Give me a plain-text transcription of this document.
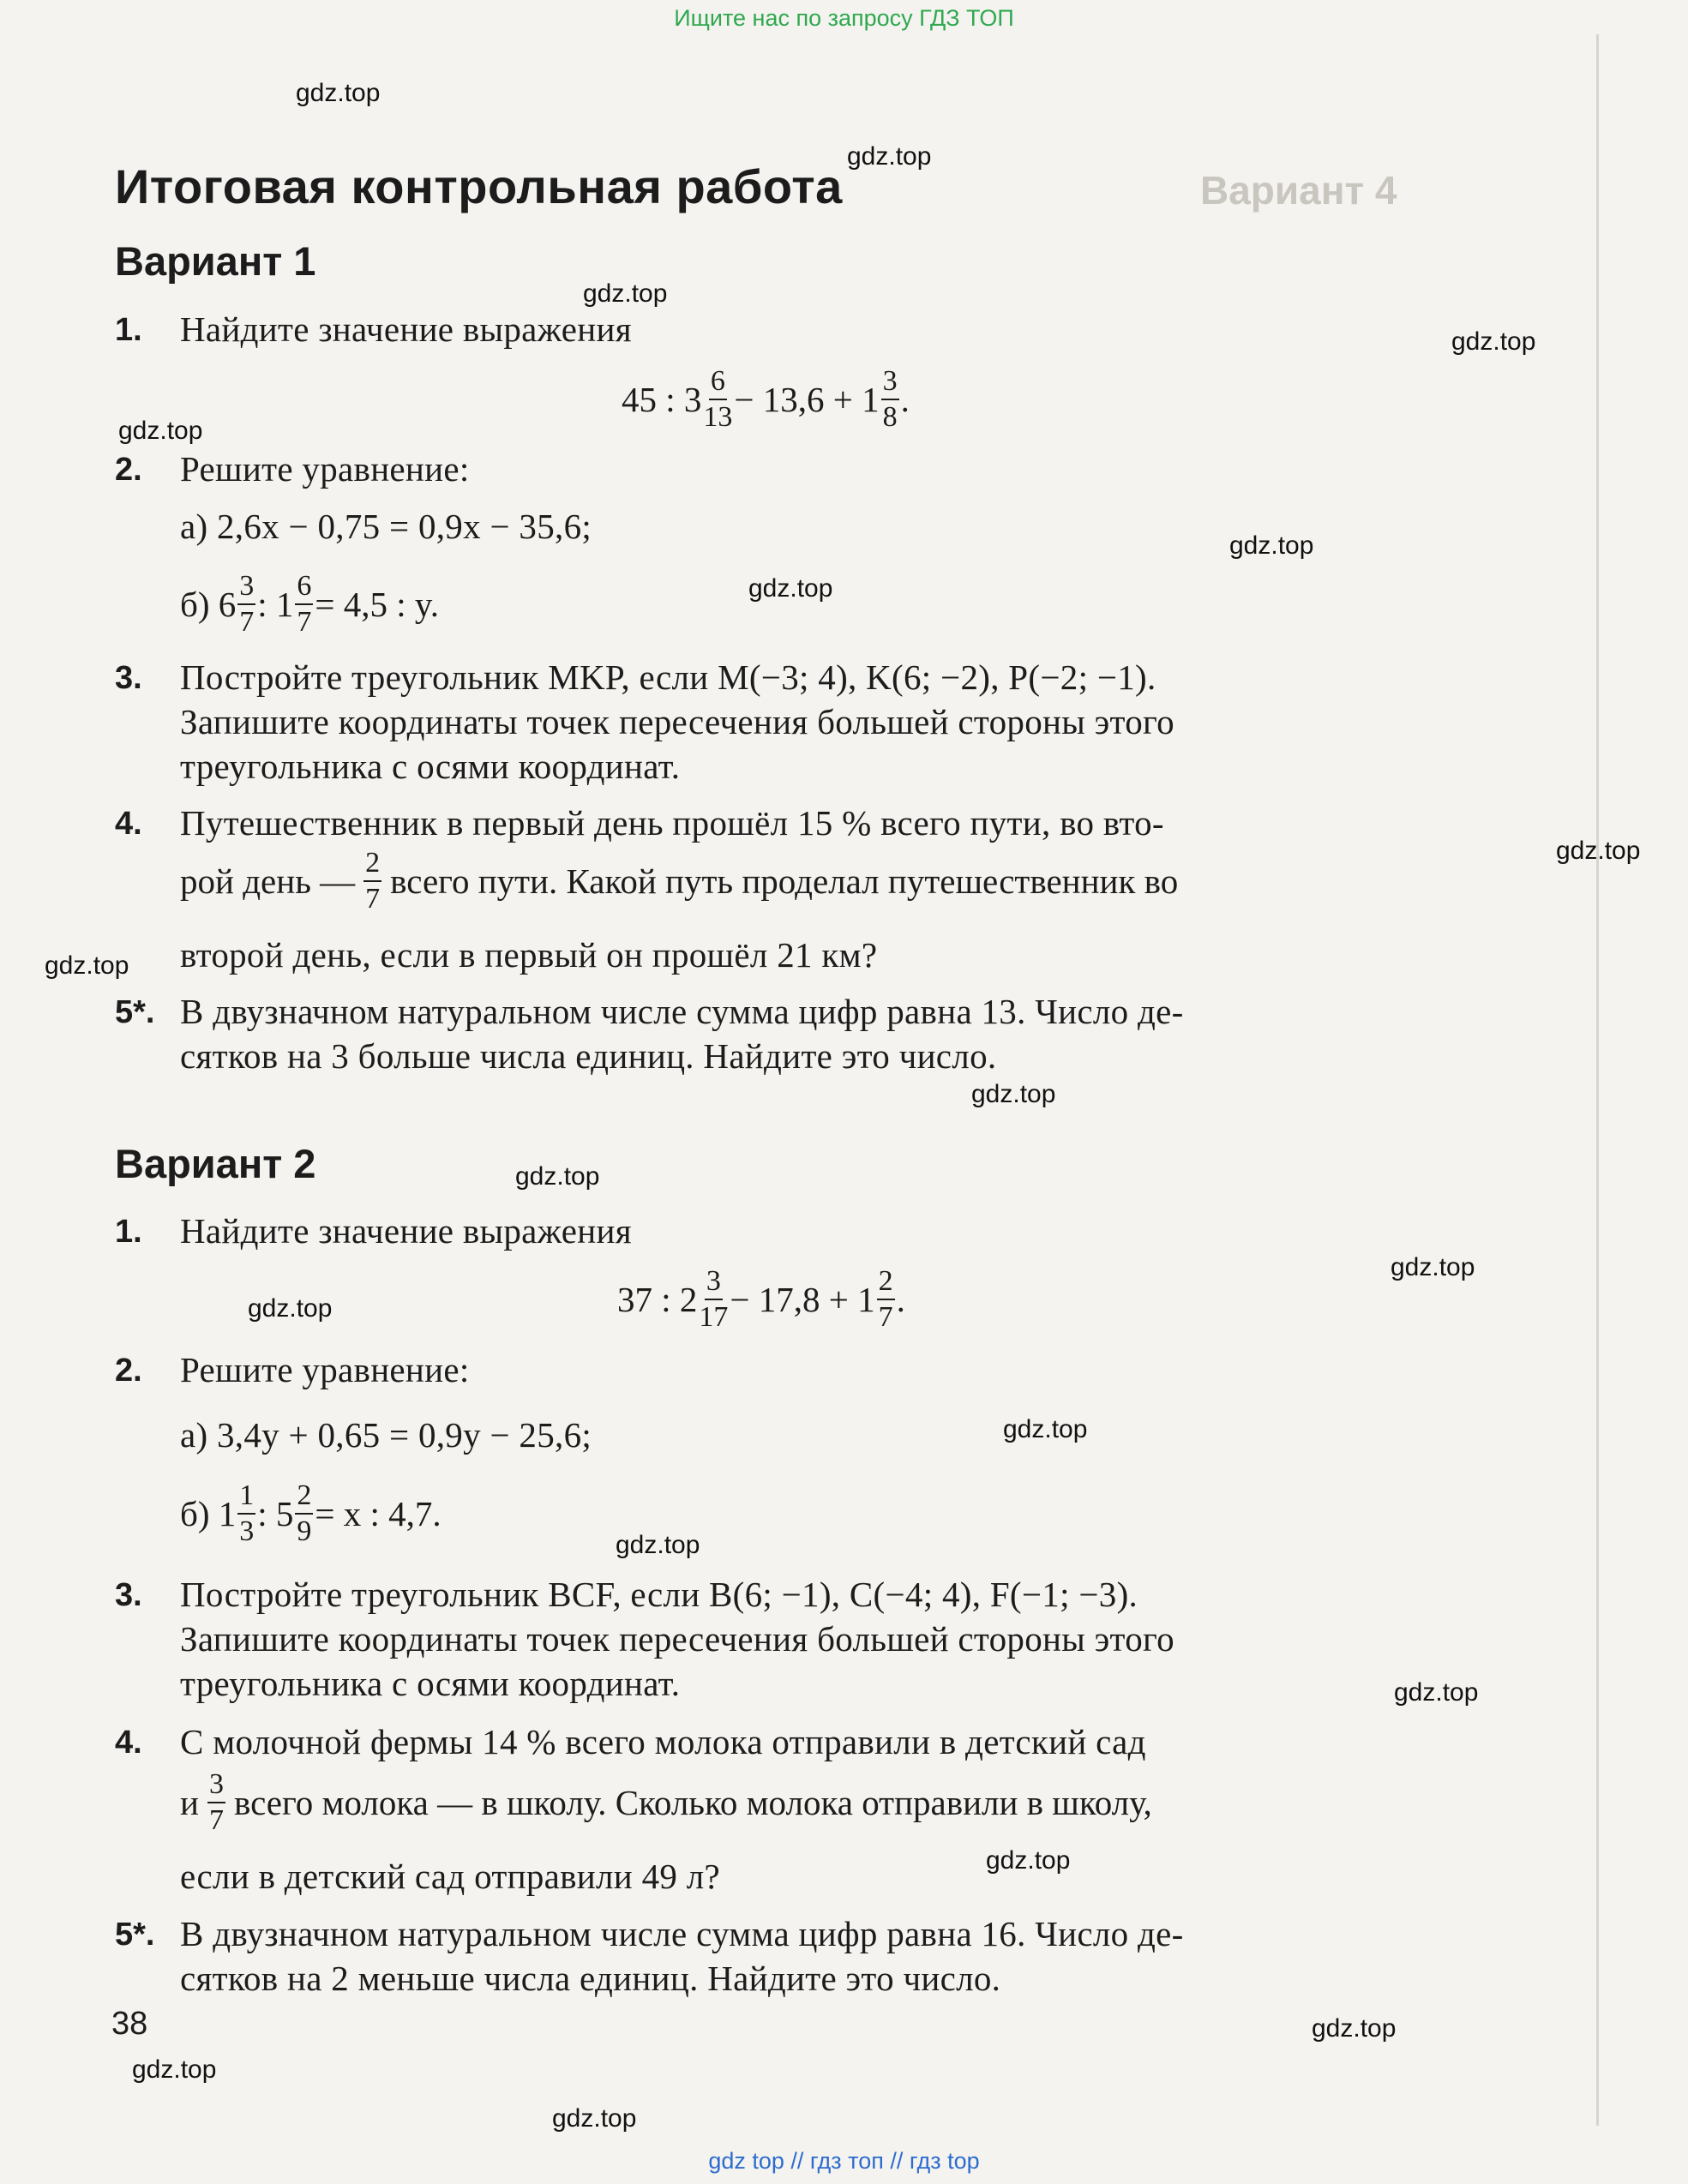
Вариант 4
Ищите нас по запросу ГДЗ ТОП
Итоговая контрольная работа
Вариант 1
1. Найдите значение выражения
45 : $3 \frac{6}{13} - 13,6 + 1 \frac{3}{8}$ .
2. Решите уравнение:
а) 2,6x − 0,75 = 0,9x − 35,6;
б) $6 \frac{3}{7}$ : $1 \frac{6}{7} = 4,5$ : y.
3. Постройте треугольник MKP, если M(−3; 4), K(6; −2), P(−2; −1).
Запишите координаты точек пересечения большей стороны этого
треугольника с осями координат.
4. Путешественник в первый день прошёл 15 % всего пути, во вто-
рой день — $\frac{2}{7}$ всего пути. Какой путь проделал путешественник во
второй день, если в первый он прошёл 21 км?
5*. В двузначном натуральном числе сумма цифр равна 13. Число де-
сятков на 3 больше числа единиц. Найдите это число.
Вариант 2
1. Найдите значение выражения
37 : $2 \frac{3}{17} - 17,8 + 1 \frac{2}{7}$ .
2. Решите уравнение:
а) 3,4y + 0,65 = 0,9y − 25,6;
б) $1 \frac{1}{3}$ : $5 \frac{2}{9} = x$ : 4,7.
3. Постройте треугольник BCF, если B(6; −1), C(−4; 4), F(−1; −3).
Запишите координаты точек пересечения большей стороны этого
треугольника с осями координат.
4. С молочной фермы 14 % всего молока отправили в детский сад
и $\frac{3}{7}$ всего молока — в школу. Сколько молока отправили в школу,
если в детский сад отправили 49 л?
5*. В двузначном натуральном числе сумма цифр равна 16. Число де-
сятков на 2 меньше числа единиц. Найдите это число.
38
gdz.top
gdz.top
gdz.top
gdz.top
gdz.top
gdz.top
gdz.top
gdz.top
gdz.top
gdz.top
gdz.top
gdz.top
gdz.top
gdz.top
gdz.top
gdz.top
gdz.top
gdz.top
gdz.top
gdz.top
gdz top // гдз топ // гдз top
